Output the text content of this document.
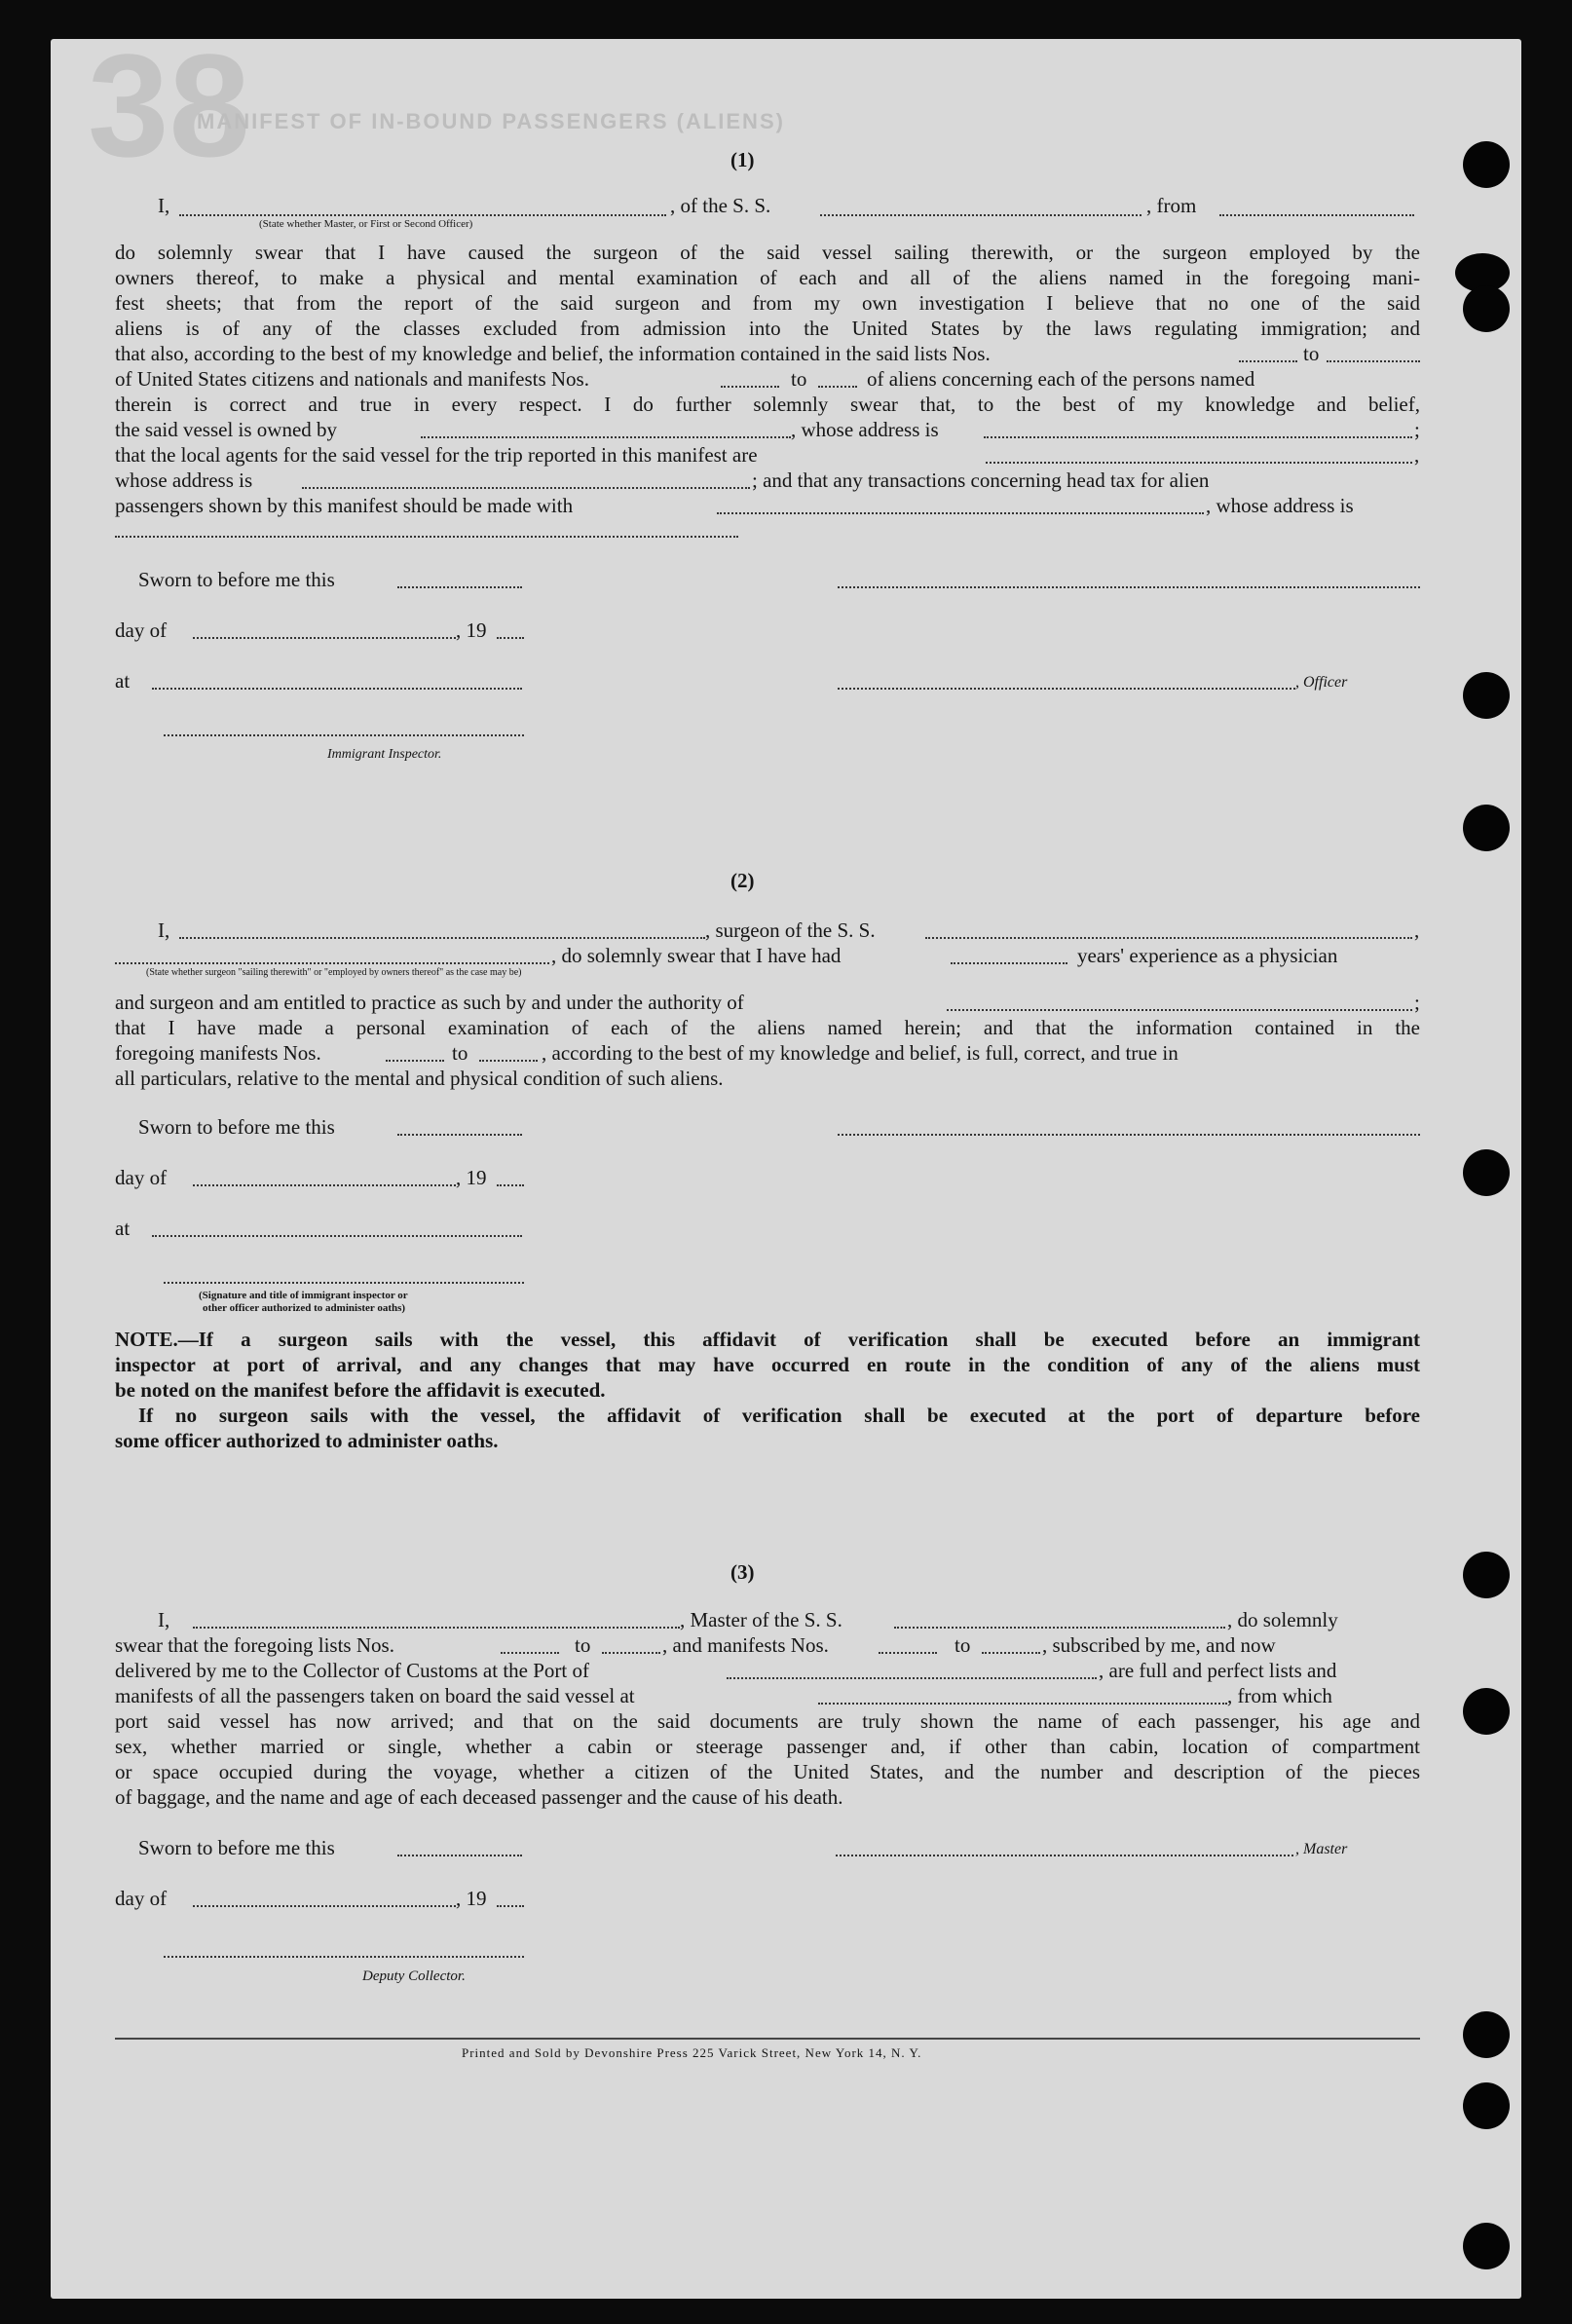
38
MANIFEST OF IN-BOUND PASSENGERS (ALIENS)
(1)
I,	, of the S. S.	, from
(State whether Master, or First or Second Officer)
do solemnly swear that I have caused the surgeon of the said vessel sailing therewith, or the surgeon employed by the
owners thereof, to make a physical and mental examination of each and all of the aliens named in the foregoing mani-
fest sheets; that from the report of the said surgeon and from my own investigation I believe that no one of the said
aliens is of any of the classes excluded from admission into the United States by the laws regulating immigration; and
that also, according to the best of my knowledge and belief, the information contained in the said lists Nos.	to
of United States citizens and nationals and manifests Nos.	to	of aliens concerning each of the persons named
therein is correct and true in every respect. I do further solemnly swear that, to the best of my knowledge and belief,
the said vessel is owned by	, whose address is	;
that the local agents for the said vessel for the trip reported in this manifest are	,
whose address is	; and that any transactions concerning head tax for alien
passengers shown by this manifest should be made with	, whose address is
Sworn to before me this
day of	, 19
at	, Officer
Immigrant Inspector.
(2)
I,	, surgeon of the S. S.	,
, do solemnly swear that I have had	years' experience as a physician
(State whether surgeon "sailing therewith" or "employed by owners thereof" as the case may be)
and surgeon and am entitled to practice as such by and under the authority of	;
that I have made a personal examination of each of the aliens named herein; and that the information contained in the
foregoing manifests Nos.	to	, according to the best of my knowledge and belief, is full, correct, and true in
all particulars, relative to the mental and physical condition of such aliens.
Sworn to before me this
day of	, 19
at
(Signature and title of immigrant inspector or
other officer authorized to administer oaths)
NOTE.—If a surgeon sails with the vessel, this affidavit of verification shall be executed before an immigrant
inspector at port of arrival, and any changes that may have occurred en route in the condition of any of the aliens must
be noted on the manifest before the affidavit is executed.
If no surgeon sails with the vessel, the affidavit of verification shall be executed at the port of departure before
some officer authorized to administer oaths.
(3)
I,	, Master of the S. S.	, do solemnly
swear that the foregoing lists Nos.	to	, and manifests Nos.	to	, subscribed by me, and now
delivered by me to the Collector of Customs at the Port of	, are full and perfect lists and
manifests of all the passengers taken on board the said vessel at	, from which
port said vessel has now arrived; and that on the said documents are truly shown the name of each passenger, his age and
sex, whether married or single, whether a cabin or steerage passenger and, if other than cabin, location of compartment
or space occupied during the voyage, whether a citizen of the United States, and the number and description of the pieces
of baggage, and the name and age of each deceased passenger and the cause of his death.
Sworn to before me this	, Master
day of	, 19
Deputy Collector.
Printed and Sold by Devonshire Press 225 Varick Street, New York 14, N. Y.
